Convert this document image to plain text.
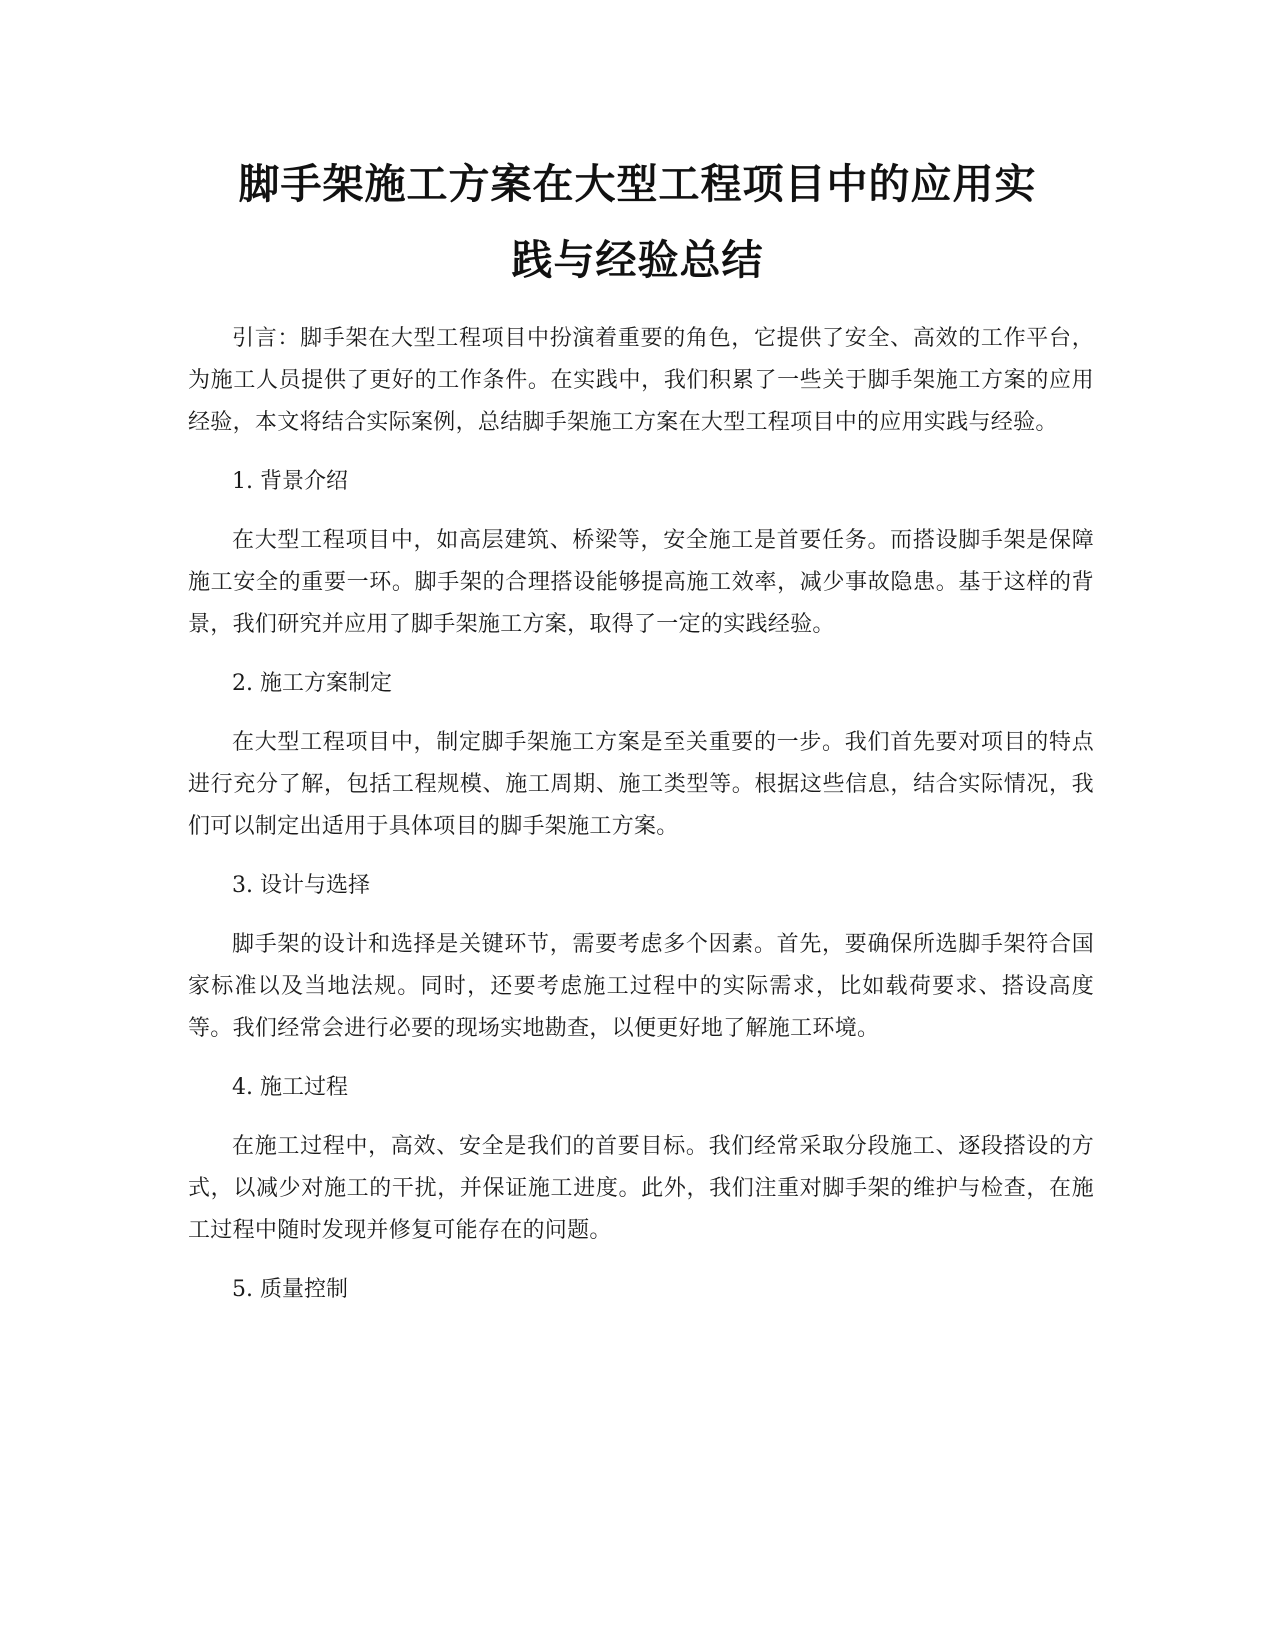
脚手架施工方案在大型工程项目中的应用实
践与经验总结

引言：脚手架在大型工程项目中扮演着重要的角色，它提供了安全、高效的工作平台，为施工人员提供了更好的工作条件。在实践中，我们积累了一些关于脚手架施工方案的应用经验，本文将结合实际案例，总结脚手架施工方案在大型工程项目中的应用实践与经验。

1. 背景介绍

在大型工程项目中，如高层建筑、桥梁等，安全施工是首要任务。而搭设脚手架是保障施工安全的重要一环。脚手架的合理搭设能够提高施工效率，减少事故隐患。基于这样的背景，我们研究并应用了脚手架施工方案，取得了一定的实践经验。

2. 施工方案制定

在大型工程项目中，制定脚手架施工方案是至关重要的一步。我们首先要对项目的特点进行充分了解，包括工程规模、施工周期、施工类型等。根据这些信息，结合实际情况，我们可以制定出适用于具体项目的脚手架施工方案。

3. 设计与选择

脚手架的设计和选择是关键环节，需要考虑多个因素。首先，要确保所选脚手架符合国家标准以及当地法规。同时，还要考虑施工过程中的实际需求，比如载荷要求、搭设高度等。我们经常会进行必要的现场实地勘查，以便更好地了解施工环境。

4. 施工过程

在施工过程中，高效、安全是我们的首要目标。我们经常采取分段施工、逐段搭设的方式，以减少对施工的干扰，并保证施工进度。此外，我们注重对脚手架的维护与检查，在施工过程中随时发现并修复可能存在的问题。

5. 质量控制
